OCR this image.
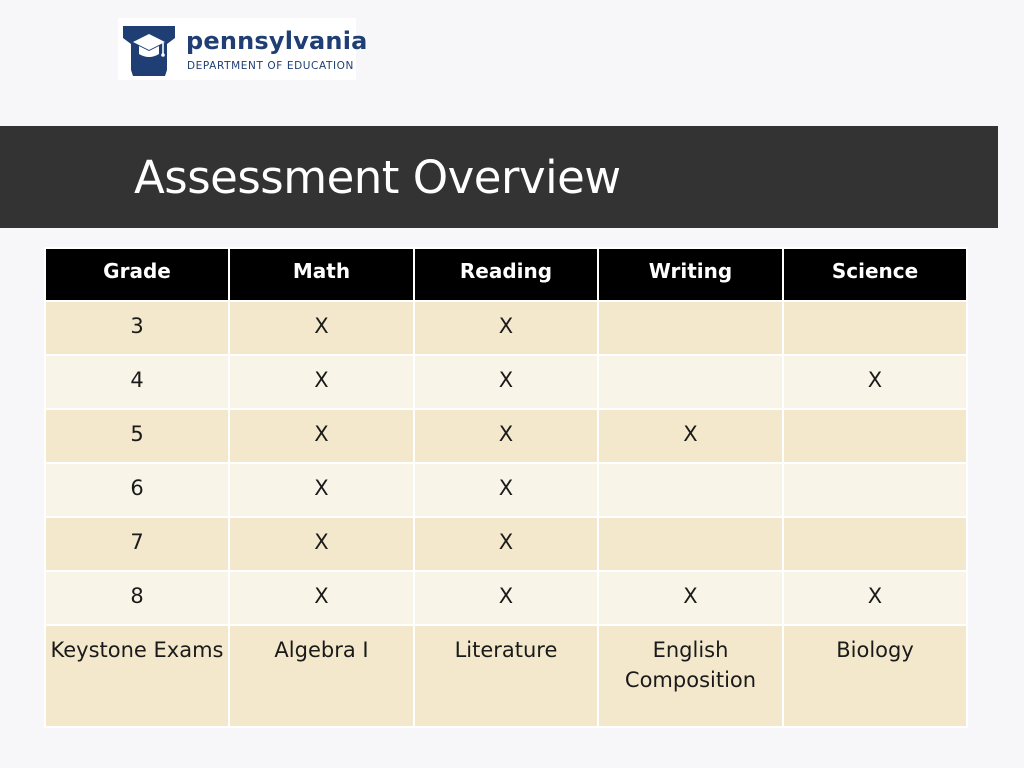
pennsylvania
DEPARTMENT OF EDUCATION
Assessment Overview
Grade	Math	Reading	Writing	Science
3	X	X		
4	X	X		X
5	X	X	X	
6	X	X		
7	X	X		
8	X	X	X	X
Keystone Exams	Algebra I	Literature	English Composition	Biology
